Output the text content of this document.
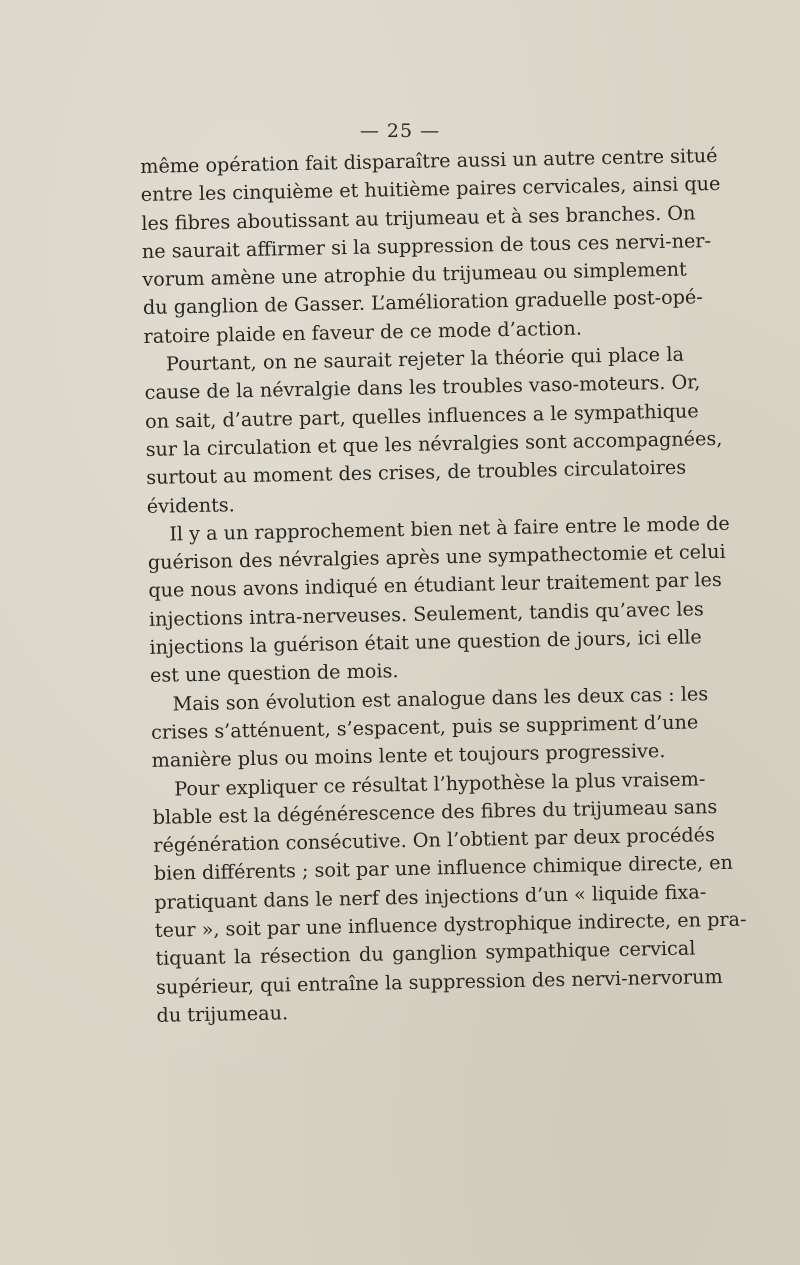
— 25 —
même opération fait disparaître aussi un autre centre situé
entre les cinquième et huitième paires cervicales, ainsi que
les fibres aboutissant au trijumeau et à ses branches. On
ne saurait affirmer si la suppression de tous ces nervi-ner-
vorum amène une atrophie du trijumeau ou simplement
du ganglion de Gasser. L’amélioration graduelle post-opé-
ratoire plaide en faveur de ce mode d’action.
Pourtant, on ne saurait rejeter la théorie qui place la
cause de la névralgie dans les troubles vaso-moteurs. Or,
on sait, d’autre part, quelles influences a le sympathique
sur la circulation et que les névralgies sont accompagnées,
surtout au moment des crises, de troubles circulatoires
évidents.
Il y a un rapprochement bien net à faire entre le mode de
guérison des névralgies après une sympathectomie et celui
que nous avons indiqué en étudiant leur traitement par les
injections intra-nerveuses. Seulement, tandis qu’avec les
injections la guérison était une question de jours, ici elle
est une question de mois.
Mais son évolution est analogue dans les deux cas : les
crises s’atténuent, s’espacent, puis se suppriment d’une
manière plus ou moins lente et toujours progressive.
Pour expliquer ce résultat l’hypothèse la plus vraisem-
blable est la dégénérescence des fibres du trijumeau sans
régénération consécutive. On l’obtient par deux procédés
bien différents ; soit par une influence chimique directe, en
pratiquant dans le nerf des injections d’un « liquide fixa-
teur », soit par une influence dystrophique indirecte, en pra-
tiquant la résection du ganglion sympathique cervical
supérieur, qui entraîne la suppression des nervi-nervorum
du trijumeau.
